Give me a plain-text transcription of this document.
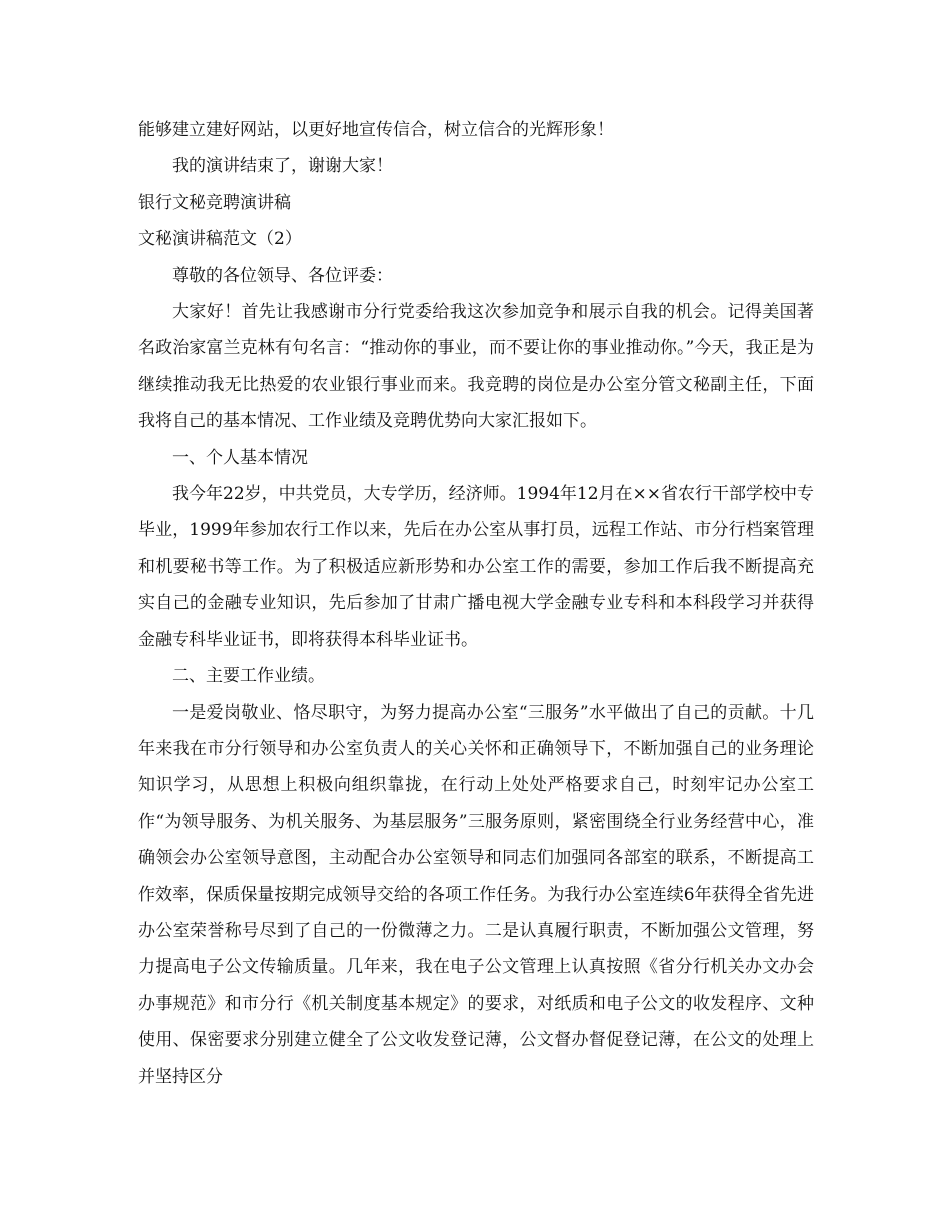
能够建立建好网站，以更好地宣传信合，树立信合的光辉形象！

我的演讲结束了，谢谢大家！

银行文秘竞聘演讲稿

文秘演讲稿范文（2）

尊敬的各位领导、各位评委：

大家好！首先让我感谢市分行党委给我这次参加竞争和展示自我的机会。记得美国著名政治家富兰克林有句名言：“推动你的事业，而不要让你的事业推动你。”今天，我正是为继续推动我无比热爱的农业银行事业而来。我竞聘的岗位是办公室分管文秘副主任，下面我将自己的基本情况、工作业绩及竞聘优势向大家汇报如下。

一、个人基本情况

我今年22岁，中共党员，大专学历，经济师。1994年12月在××省农行干部学校中专毕业，1999年参加农行工作以来，先后在办公室从事打员，远程工作站、市分行档案管理和机要秘书等工作。为了积极适应新形势和办公室工作的需要，参加工作后我不断提高充实自己的金融专业知识，先后参加了甘肃广播电视大学金融专业专科和本科段学习并获得金融专科毕业证书，即将获得本科毕业证书。

二、主要工作业绩。

一是爱岗敬业、恪尽职守，为努力提高办公室“三服务”水平做出了自己的贡献。十几年来我在市分行领导和办公室负责人的关心关怀和正确领导下，不断加强自己的业务理论知识学习，从思想上积极向组织靠拢，在行动上处处严格要求自己，时刻牢记办公室工作“为领导服务、为机关服务、为基层服务”三服务原则，紧密围绕全行业务经营中心，准确领会办公室领导意图，主动配合办公室领导和同志们加强同各部室的联系，不断提高工作效率，保质保量按期完成领导交给的各项工作任务。为我行办公室连续6年获得全省先进办公室荣誉称号尽到了自己的一份微薄之力。二是认真履行职责，不断加强公文管理，努力提高电子公文传输质量。几年来，我在电子公文管理上认真按照《省分行机关办文办会办事规范》和市分行《机关制度基本规定》的要求，对纸质和电子公文的收发程序、文种使用、保密要求分别建立健全了公文收发登记薄，公文督办督促登记薄，在公文的处理上并坚持区分
